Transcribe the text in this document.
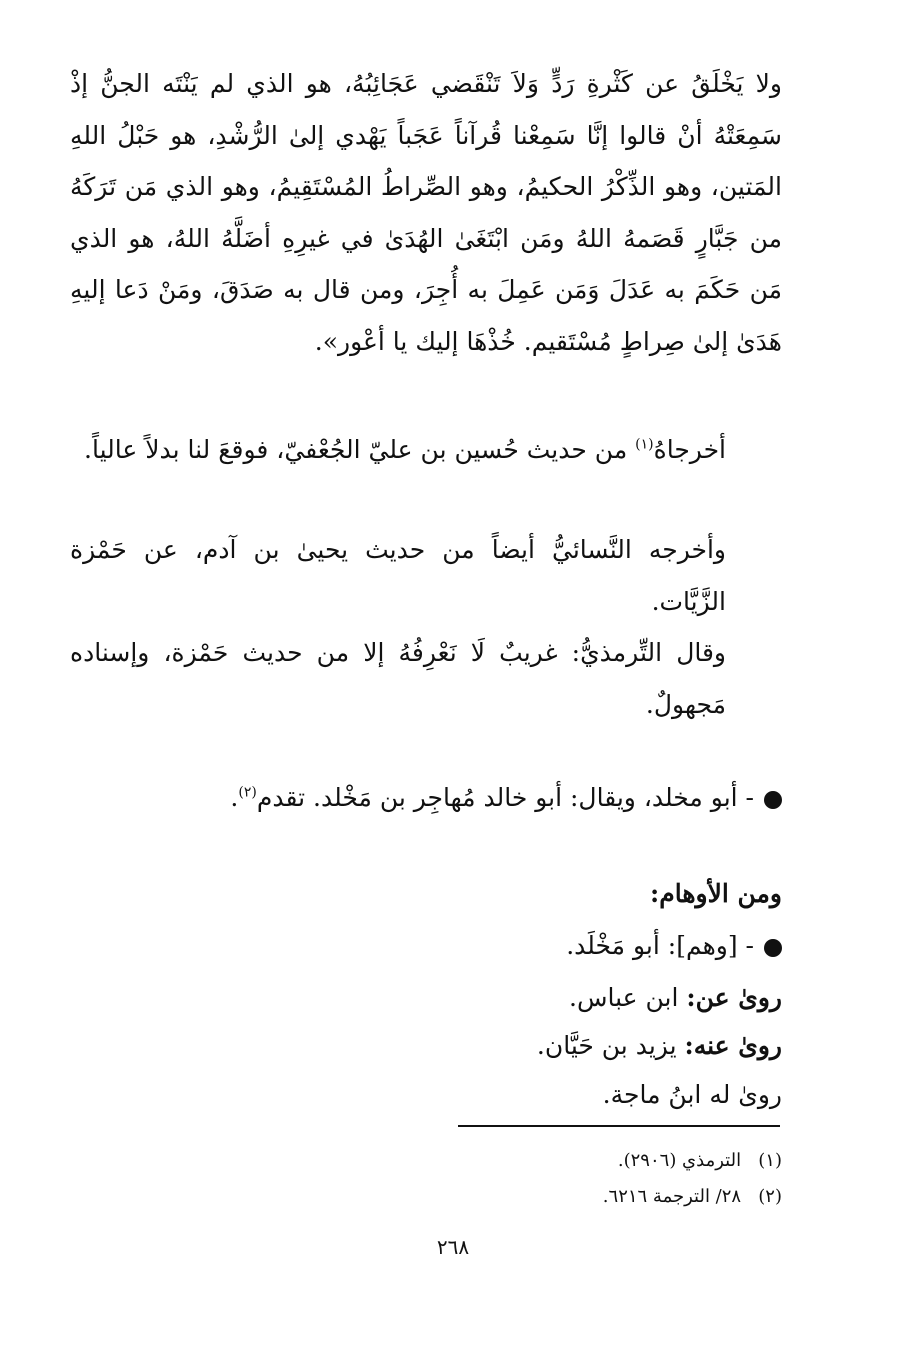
ولا يَخْلَقُ عن كَثْرةِ رَدٍّ وَلاَ تَنْقَضي عَجَائِبُهُ، هو الذي لم يَنْتَه الجنُّ إذْ سَمِعَتْهُ أنْ قالوا إنَّا سَمِعْنا قُرآناً عَجَباً يَهْدي إلىٰ الرُّشْدِ، هو حَبْلُ اللهِ المَتين، وهو الذِّكْرُ الحكيمُ، وهو الصِّراطُ المُسْتَقِيمُ، وهو الذي مَن تَرَكَهُ من جَبَّارٍ قَصَمهُ اللهُ ومَن ابْتَغَىٰ الهُدَىٰ في غيرِهِ أضَلَّهُ اللهُ، هو الذي مَن حَكَمَ به عَدَلَ وَمَن عَمِلَ به أُجِرَ، ومن قال به صَدَقَ، ومَنْ دَعا إليهِ هَدَىٰ إلىٰ صِراطٍ مُسْتَقيم. خُذْهَا إليك يا أعْور».

أخرجاهُ$^{(١)}$ من حديث حُسين بن عليّ الجُعْفيّ، فوقعَ لنا بدلاً عالياً.

وأخرجه النَّسائيُّ أيضاً من حديث يحيىٰ بن آدم، عن حَمْزة الزَّيَّات.

وقال التِّرمذيُّ: غريبٌ لَا نَعْرِفُهُ إلا من حديث حَمْزة، وإسناده مَجهولٌ.

- أبو مخلد، ويقال: أبو خالد مُهاجِر بن مَخْلد. تقدم$^{(٢)}$.

ومن الأوهام:

- [وهم]: أبو مَخْلَد.

رویٰ عن: ابن عباس.

رویٰ عنه: يزيد بن حَيَّان.

رویٰ له ابنُ ماجة.

(١)   الترمذي (٢٩٠٦).

(٢)   ٢٨/ الترجمة ٦٢١٦.

٢٦٨
